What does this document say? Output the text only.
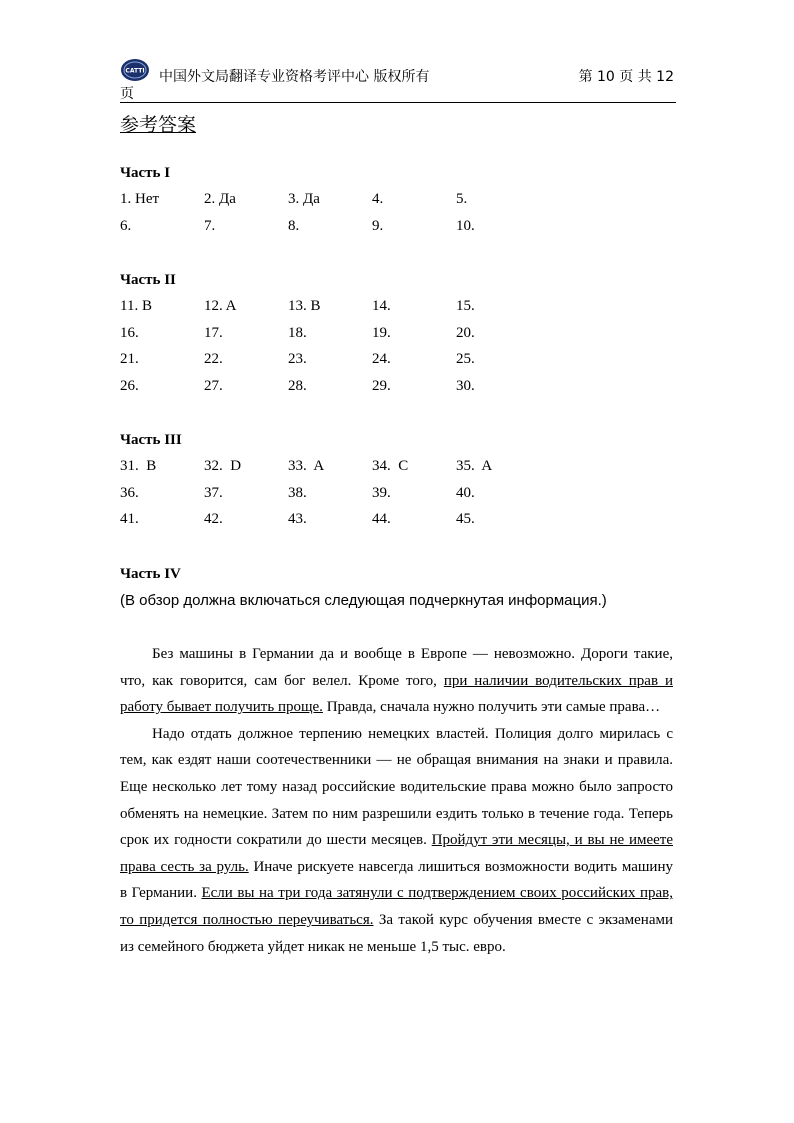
CATTI 中国外文局翻译专业资格考评中心 版权所有	第 10 页 共 12
页
参考答案
Часть I
1. Нет	2. Да	3. Да	4.	5.
6.	7.	8.	9.	10.
Часть II
11. B	12. A	13. B	14.	15.
16.	17.	18.	19.	20.
21.	22.	23.	24.	25.
26.	27.	28.	29.	30.
Часть III
31.  B	32.  D	33.  A	34.  C	35.  A
36.	37.	38.	39.	40.
41.	42.	43.	44.	45.
Часть IV
(В обзор должна включаться следующая подчеркнутая информация.)

Без машины в Германии да и вообще в Европе — невозможно. Дороги такие, что, как говорится, сам бог велел. Кроме того, при наличии водительских прав и работу бывает получить проще. Правда, сначала нужно получить эти самые права…

Надо отдать должное терпению немецких властей. Полиция долго мирилась с тем, как ездят наши соотечественники — не обращая внимания на знаки и правила. Еще несколько лет тому назад российские водительские права можно было запросто обменять на немецкие. Затем по ним разрешили ездить только в течение года. Теперь срок их годности сократили до шести месяцев. Пройдут эти месяцы, и вы не имеете права сесть за руль. Иначе рискуете навсегда лишиться возможности водить машину в Германии. Если вы на три года затянули с подтверждением своих российских прав, то придется полностью переучиваться. За такой курс обучения вместе с экзаменами из семейного бюджета уйдет никак не меньше 1,5 тыс. евро.
